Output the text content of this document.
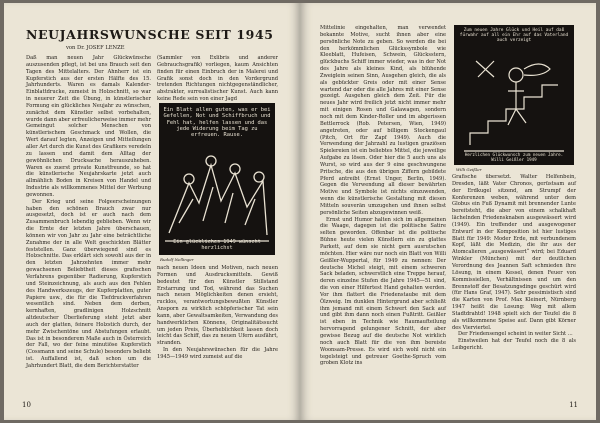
NEUJAHRSWUNSCHE SEIT 1945

von Dr. JOSEF LENZE

Daß man neuen Jahr Glückwünsche auszusenden pflegt, ist bei uns Brauch seit den Tagen des Mittelalters. Der Ahnherr ist ein Kupferstich aus der ersten Hälfte des 15. Jahrhunderts. Waren es damals Kalender-Einblattdrucke, zumeist in Holzschnitt, so war in neuerer Zeit die Übung, in künstlerischer Formung ein glückliches Neujahr zu wünschen, zunächst dem Künstler selbst vorbehalten, wurde dann aber erfreulicherweise immer mehr Gemeingut solcher Menschen von künstlerischem Geschmack und Wollen, die Wert darauf legten, Anzeigen und Mitteilungen aller Art durch die Kunst des Grafikers veredeln zu lassen und damit dem Alltag der gewöhnlichen Drucksache herauszuheben. Waren es zuerst private Kunstfreunde, so hat die künstlerische Neujahrskarte jetzt auch allmählich Boden in Kreisen von Handel und Industrie als willkommenes Mittel der Werbung gewonnen.

Der Krieg und seine Folgeerscheinungen haben den schönen Brauch zwar nur ausgesetzt, doch ist er auch nach dem Zusammenbruch lebendig geblieben. Wenn wir die Ernte der letzten Jahre überschauen, können wir von Jahr zu Jahr eine beträchtliche Zunahme der in alle Welt geschickten Blätter feststellen. Ganz überwiegend sind es Holzschnitte. Das erklärt sich sowohl aus der in den letzten Jahrzehnten immer mehr gewachsenen Beliebtheit dieses grafischen Verfahrens gegenüber Radierung, Kupferstich und Steinzeichnung, als auch aus den Fehlen des Handwerkszeugs, der Kupferplatten, guter Papiere usw., die für die Tiefdruckverfahren wesentlich sind. Neben dem derben, kernhaften, gradlinigen Holzschnitt altdeutscher Überlieferung steht jetzt aber auch der glatten, feinere Holzstich durch, der mehr Zwischentöne und Abstufungen erlaubt. Das ist in besonderem Maße auch in Österreich der Fall, wo der feine minutiöse Kupferstich (Cossmann und seine Schule) besonders beliebt ist. Auffallend ist, daß schon um die Jahrhundert Blatt, die dem Berichterstatter

(Sammler von Exlibris und anderer Gebrauchsgrafik) vorliegen, kaum Ansichten finden für einen Einbruch der in Malerei und Grafik sonst doch in den Vordergrund tretenden Richtungen nichtgegenständlicher, abstrakter, surrealistischer Kunst. Auch kann keine Rede sein von einer Jagd

Ein Blatt allen guten, was er bei Gefellen, Not und Schiffbruch und Fehl hat, helfen lassen und das jede Widerung beim Tag zu erfreuen. Rause.
Ein glückliches 1949 wünscht herzlichst
Rudolf Nellinger

nach neuen Ideen und Motiven, nach neuen Formen und Ausdrucksmitteln. Gewiß bedeutet für den Künstler Stillstand Erstarrung und Tod, während das Suchen nach neuen Möglichkeiten denen ersieht, rucklos, verantwortungsbewußten Künstler Ansporn zu wirklich schöpferischer Tat sein kann, aber Gewaltsamkeiten, Verwandung des handwerklichen Könnens, Originalitätssucht um jeden Preis, Überheblichkeit lassen doch leicht das Schiff, das zu neuen Ufern ausfährt, stranden.

In den Neujahrswünschen für die Jahre 1945—1949 wird zumeist auf die

10

Mittelinie eingehalten, man verwendet bekannte Motive, sucht ihnen aber eine persönliche Note zu geben. So werden die bei den herkömmlichen Glückssymbole wie Kleeblatt, Hufeisen, Schwein, Glücksstern, glückbuchs Schiff immer wieder, was in der Not des Jahre als kleines Kind, als blühende Zweiglein seinen Sinn, Ausgehen gleich, die als als gebückter Greis oder mit einer Sense wartend dar oder die alle Jahres mit einer Sense gezeigt. Ausgehen gleich dem Zeit. Für die neues Jahr wird freilich jetzt nicht immer mehr mit einigen Rosen und Galawagen, sondern noch mit dem Kinder-Roller und im abgerissen Bettlerrock (Rob. Petersen, Wien, 1949) angetreten, oder auf billigem Stockengaul (Pitch, Ort für Zapf 1949). Auch die Verwendung der Jahrzahl zu lustigen graziösen Spielereien ist ein beliebtes Mittel, die jeweilige Aufgabe zu lösen. Oder hier die 5 auch uns als Wurst, so wird aus der 9 eine geschwungene Pritsche, die aus den übrigen Ziffern gebildete Pferd antreibt (Ernst Unger, Berlin, 1949). Gegen die Verwendung all dieser bewährten Motive und Symbole ist nichts einzuwenden, wenn die künstlerische Gestaltung mit diesen Mitteln souverän umzugehen und ihnen selbst persönliche Seiten abzugewinnen weiß.

Ernst und Humor halten sich im allgemeinen die Waage, dagegen ist die politische Satire selten geworden. Offenbar ist die politische Bühne heute vielen Künstlern ein zu glattes Parkett, auf dem sie nicht gern ausrutschen möchten. Hier wäre nur noch ein Blatt von Willi Geißler-Wuppertal, für 1949 zu nennen: Der deutsche Michel steigt, mit einem schweren Sack beladen, schwerstlich eine Treppe herauf, deren einzelne Stufen die Jahre 1945—51 sind, die von einer Hilfertest Hand gehalten werden. Vor ihm flattert die Friedenstaube mit dem Ölzweig. Im dunklen Hintergrund aber schließt ihm jemand mit einem Schwert den Sack auf und gibt ihm dann noch einen Fußtritt. Geißler ist eben in Technik wie Raumaufteilung hervorragend gelungener Schnitt, der aber gewisse Bezug auf die deutsche Not wirklich noch auch Blatt für die von ihm bereiste Woonsam-Presse. Es wird sich wohl nicht ein tegelsteigt und getreuer Goethe-Spruch vom groben Klotz ins

Zum neuen Jahre Glück und Heil auf daß fürwahr auf all ein Ehr auf das Vaterland auch verzeigt
Herzlichen Glückwunsch zum neuen Jahre. Willi Geißler 1949
Willi Geißler

Grafische übersetzt. Walter Helfenbein, Dresden, läßt Vater Chronos, gerüstsam auf der Erdkugel sitzend, am Strumpf der Konferenzen weben, während unter dem Globus ein Fuß Dynamit mit brennender Lunte bereitsteht, die aber von einem schalkhaft lächelnden Friedensknaben ausgewässert wird (1949). Ein treffender und ausgewogener Entwurf in der Komposition ist hier lustiges Blatt für 1949: Moder Erde, mit verbundenem Kopf, läßt die Medizin, die ihr aus der Atomcalieren „ausgewässert“ wird; bei Eduard Winkler (München) mit der deutlichen Verordnung des Jeannen Saft schmieden ihre Lösung, in einem Kessel, denen Feuer von Kommissiellen, Verhältnissen und um den Brennstoff der Besatzungsdinge geschürt wird (für Hans Graf, 1947). Sehr pessimistisch sind die Karten von Prof. Max Kleinert, Nürnberg 1947 heißt die Losung: Weg mit allem Stadtdrahtd! 1948 spielt sich der Teufel die 8 als willkommene Speise auf. Dann gibt Körner des Vierviertel.

Der Friedensengel scheint in weiter Sicht …

Einstweilen hat der Teufel noch die 8 als Leibgericht.

11
